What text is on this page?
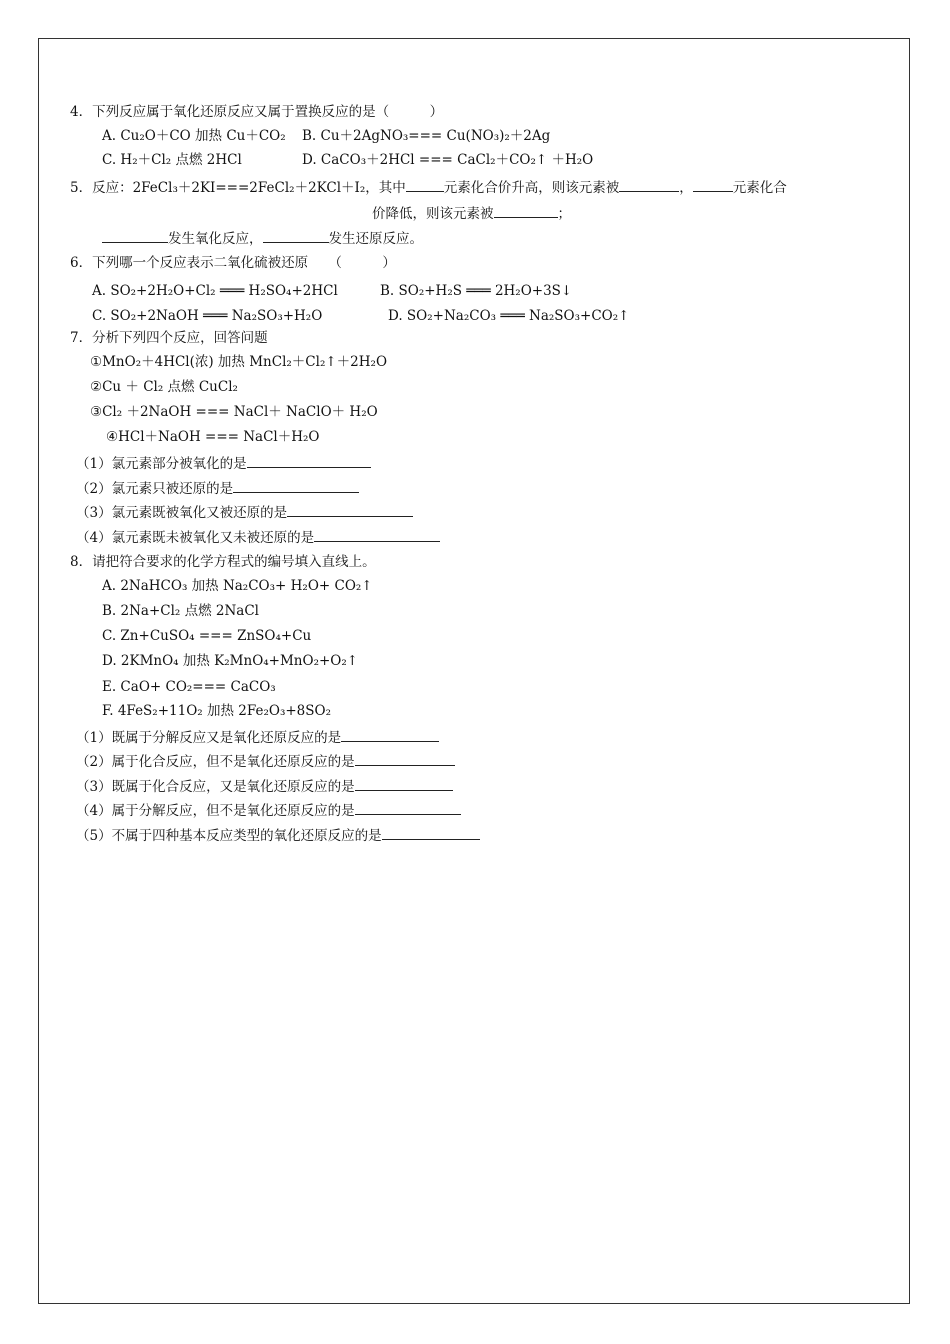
4．下列反应属于氧化还原反应又属于置换反应的是（　　　）
A. Cu₂O＋CO 加热 Cu＋CO₂ B. Cu＋2AgNO₃=== Cu(NO₃)₂＋2Ag
C. H₂＋Cl₂ 点燃 2HCl	D. CaCO₃＋2HCl === CaCl₂＋CO₂↑ ＋H₂O
5．反应：2FeCl₃＋2KI===2FeCl₂＋2KCl＋I₂，其中	元素化合价升高，则该元素被	，	元素化合
价降低，则该元素被	；
发生氧化反应，	发生还原反应。
6．下列哪一个反应表示二氧化硫被还原　　（　　　）
A. SO₂+2H₂O+Cl₂ ═══ H₂SO₄+2HCl	B. SO₂+H₂S ═══ 2H₂O+3S↓
C. SO₂+2NaOH ═══ Na₂SO₃+H₂O	D. SO₂+Na₂CO₃ ═══ Na₂SO₃+CO₂↑
7．分析下列四个反应，回答问题
①MnO₂＋4HCl(浓) 加热 MnCl₂＋Cl₂↑＋2H₂O
②Cu ＋ Cl₂ 点燃 CuCl₂
③Cl₂ ＋2NaOH === NaCl＋ NaClO＋ H₂O
④HCl＋NaOH === NaCl＋H₂O
（1）氯元素部分被氧化的是
（2）氯元素只被还原的是
（3）氯元素既被氧化又被还原的是
（4）氯元素既未被氧化又未被还原的是
8．请把符合要求的化学方程式的编号填入直线上。
A. 2NaHCO₃ 加热 Na₂CO₃+ H₂O+ CO₂↑
B. 2Na+Cl₂ 点燃 2NaCl
C. Zn+CuSO₄ === ZnSO₄+Cu
D. 2KMnO₄ 加热 K₂MnO₄+MnO₂+O₂↑
E. CaO+ CO₂=== CaCO₃
F. 4FeS₂+11O₂ 加热 2Fe₂O₃+8SO₂
（1）既属于分解反应又是氧化还原反应的是
（2）属于化合反应，但不是氧化还原反应的是
（3）既属于化合反应，又是氧化还原反应的是
（4）属于分解反应，但不是氧化还原反应的是
（5）不属于四种基本反应类型的氧化还原反应的是
